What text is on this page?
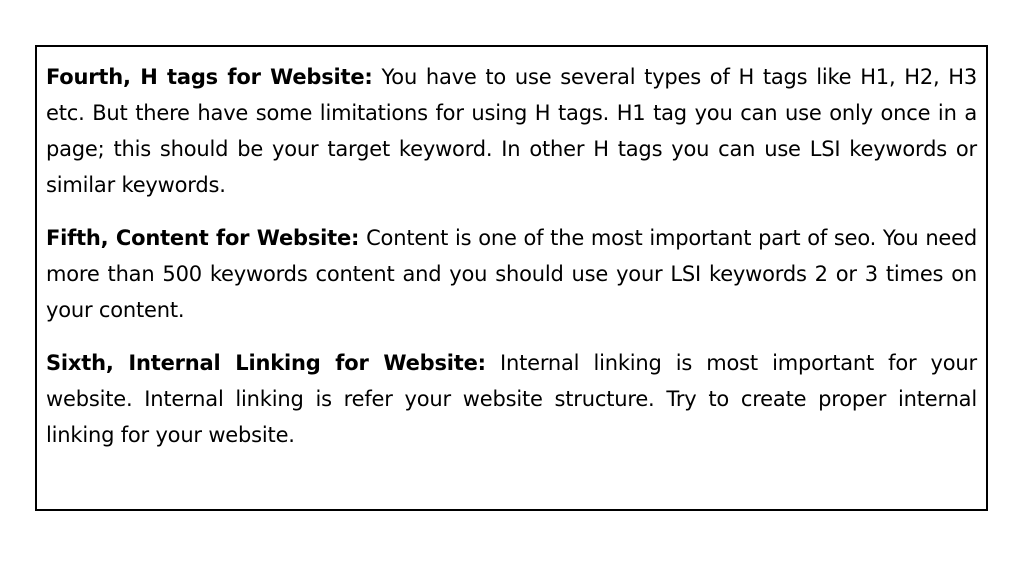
Fourth, H tags for Website: You have to use several types of H tags like H1, H2, H3 etc. But there have some limitations for using H tags. H1 tag you can use only once in a page; this should be your target keyword. In other H tags you can use LSI keywords or similar keywords.

Fifth, Content for Website: Content is one of the most important part of seo. You need more than 500 keywords content and you should use your LSI keywords 2 or 3 times on your content.

Sixth, Internal Linking for Website: Internal linking is most important for your website. Internal linking is refer your website structure. Try to create proper internal linking for your website.
